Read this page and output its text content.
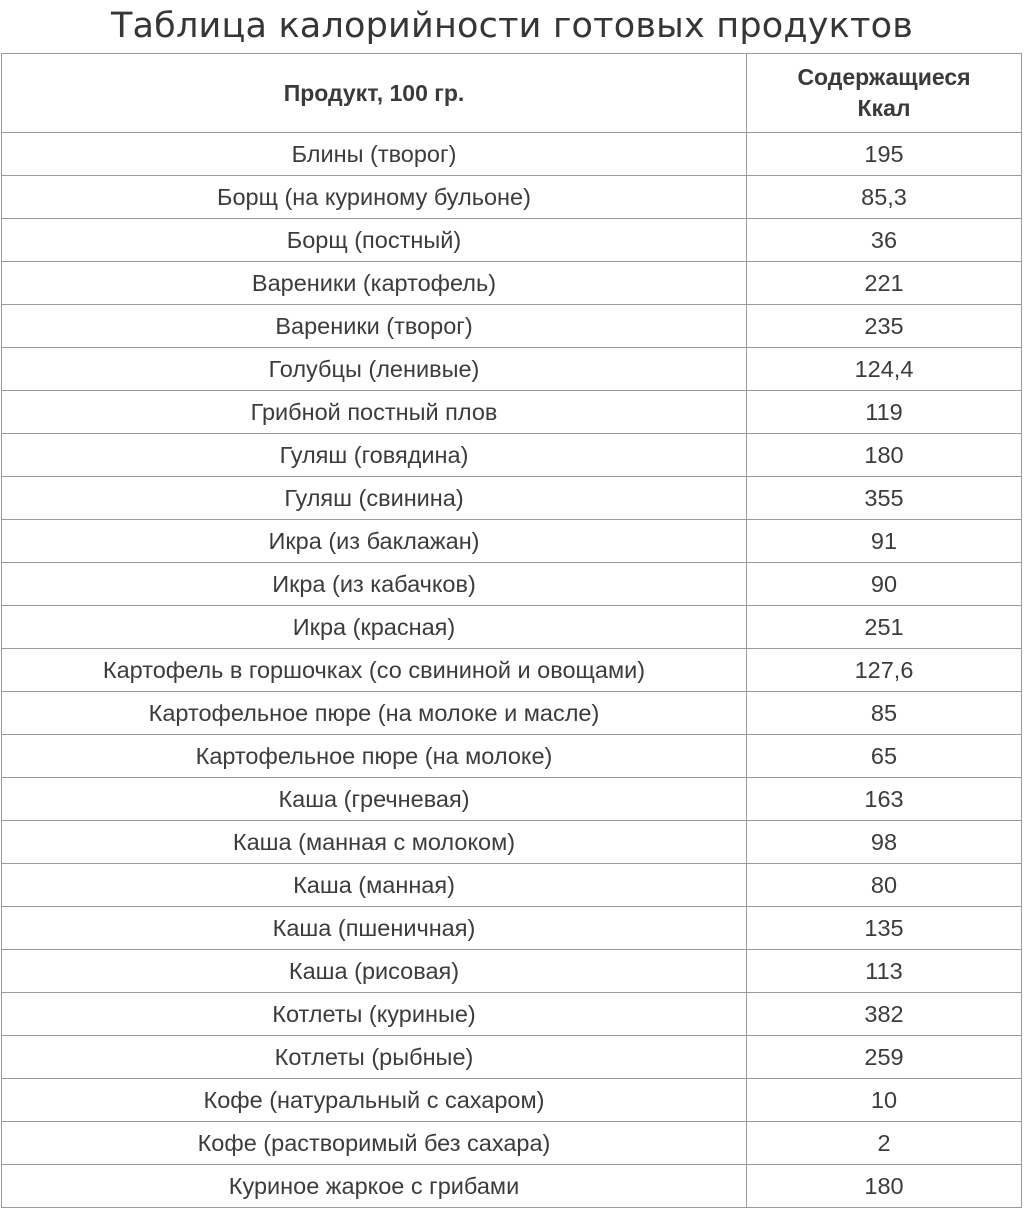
Таблица калорийности готовых продуктов
Продукт, 100 гр.	Содержащиеся
Ккал
Блины (творог)	195
Борщ (на куриному бульоне)	85,3
Борщ (постный)	36
Вареники (картофель)	221
Вареники (творог)	235
Голубцы (ленивые)	124,4
Грибной постный плов	119
Гуляш (говядина)	180
Гуляш (свинина)	355
Икра (из баклажан)	91
Икра (из кабачков)	90
Икра (красная)	251
Картофель в горшочках (со свининой и овощами)	127,6
Картофельное пюре (на молоке и масле)	85
Картофельное пюре (на молоке)	65
Каша (гречневая)	163
Каша (манная с молоком)	98
Каша (манная)	80
Каша (пшеничная)	135
Каша (рисовая)	113
Котлеты (куриные)	382
Котлеты (рыбные)	259
Кофе (натуральный с сахаром)	10
Кофе (растворимый без сахара)	2
Куриное жаркое с грибами	180
